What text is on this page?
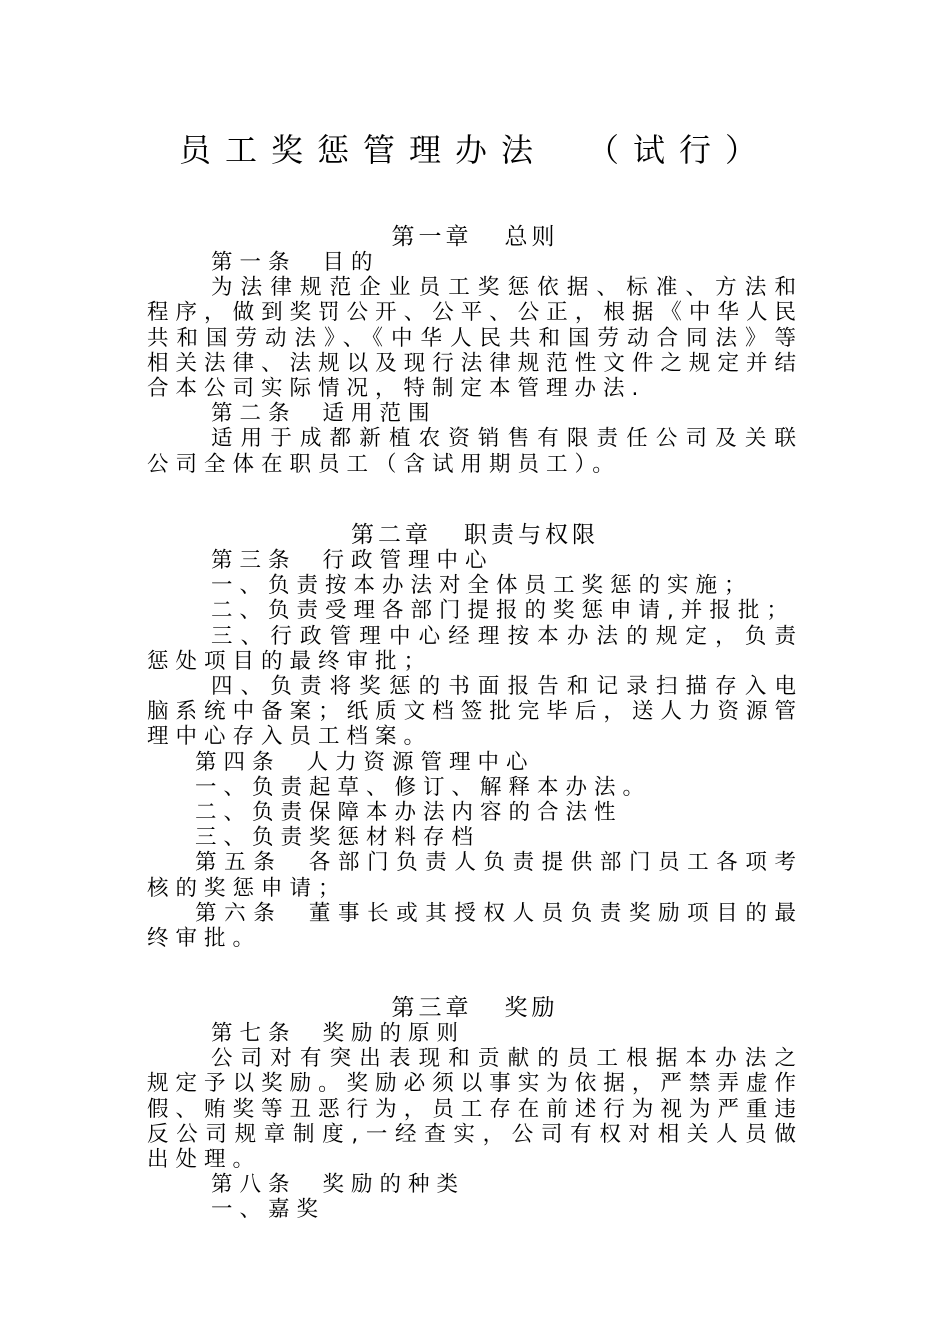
员工奖惩管理办法 （试行）

第一章 总则

第一条 目的

为法律规范企业员工奖惩依据、标准、方法和程序，做到奖罚公开、公平、公正，根据《中华人民共和国劳动法》、《中华人民共和国劳动合同法》等相关法律、法规以及现行法律规范性文件之规定并结合本公司实际情况，特制定本管理办法.

第二条 适用范围

适用于成都新植农资销售有限责任公司及关联公司全体在职员工（含试用期员工）。

第二章 职责与权限

第三条 行政管理中心

一、负责按本办法对全体员工奖惩的实施；

二、负责受理各部门提报的奖惩申请,并报批；

三、行政管理中心经理按本办法的规定，负责惩处项目的最终审批；

四、负责将奖惩的书面报告和记录扫描存入电脑系统中备案；纸质文档签批完毕后，送人力资源管理中心存入员工档案。

第四条 人力资源管理中心

一、负责起草、修订、解释本办法。

二、负责保障本办法内容的合法性

三、负责奖惩材料存档

第五条 各部门负责人负责提供部门员工各项考核的奖惩申请；

第六条 董事长或其授权人员负责奖励项目的最终审批。

第三章 奖励

第七条 奖励的原则

公司对有突出表现和贡献的员工根据本办法之规定予以奖励。奖励必须以事实为依据，严禁弄虚作假、贿奖等丑恶行为，员工存在前述行为视为严重违反公司规章制度,一经查实，公司有权对相关人员做出处理。

第八条 奖励的种类

一、嘉奖
